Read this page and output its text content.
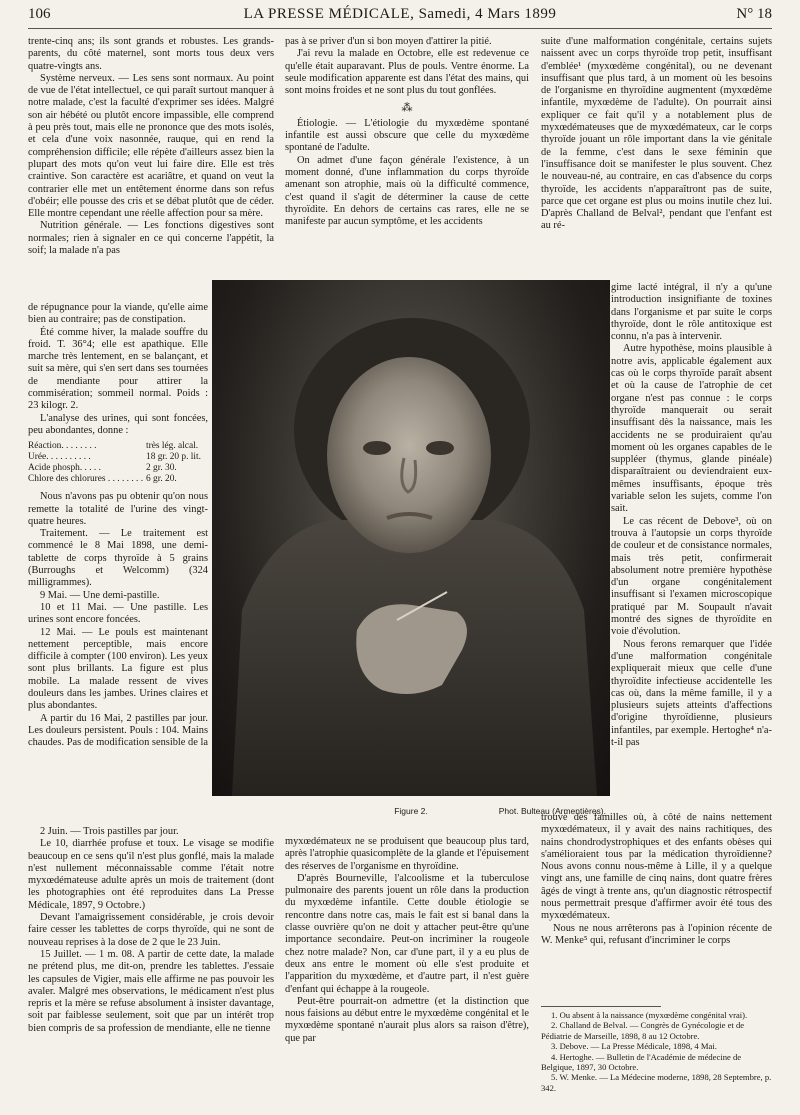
106	LA PRESSE MÉDICALE, Samedi, 4 Mars 1899	N° 18

trente-cinq ans; ils sont grands et robustes. Les grands-parents, du côté maternel, sont morts tous deux vers quatre-vingts ans.

Système nerveux. — Les sens sont normaux. Au point de vue de l'état intellectuel, ce qui paraît surtout manquer à notre malade, c'est la faculté d'exprimer ses idées. Malgré son air hébété ou plutôt encore impassible, elle comprend à peu près tout, mais elle ne prononce que des mots isolés, et cela d'une voix nasonnée, rauque, qui en rend la compréhension difficile; elle répète d'ailleurs assez bien la plupart des mots qu'on veut lui faire dire. Elle est très craintive. Son caractère est acariâtre, et quand on veut la contrarier elle met un entêtement énorme dans son refus d'obéir; elle pousse des cris et se débat plutôt que de céder. Elle montre cependant une réelle affection pour sa mère.

Nutrition générale. — Les fonctions digestives sont normales; rien à signaler en ce qui concerne l'appétit, la soif; la malade n'a pas

de répugnance pour la viande, qu'elle aime bien au contraire; pas de constipation.

Été comme hiver, la malade souffre du froid. T. 36°4; elle est apathique. Elle marche très lentement, en se balançant, et suit sa mère, qui s'en sert dans ses tournées de mendiante pour attirer la commisération; sommeil normal. Poids : 23 kilogr. 2.

L'analyse des urines, qui sont foncées, peu abondantes, donne :

Réaction. . . . . . . .	très lég. alcal.
Urée. . . . . . . . . .	18 gr. 20 p. lit.
Acide phosph. . . . .	2 gr. 30.
Chlore des chlorures . . . . . . . . 6 gr. 20.

Nous n'avons pas pu obtenir qu'on nous remette la totalité de l'urine des vingt-quatre heures.

Traitement. — Le traitement est commencé le 8 Mai 1898, une demi-tablette de corps thyroïde à 5 grains (Burroughs et Welcomm) (324 milligrammes).

9 Mai. — Une demi-pastille.

10 et 11 Mai. — Une pastille. Les urines sont encore foncées.

12 Mai. — Le pouls est maintenant nettement perceptible, mais encore difficile à compter (100 environ). Les yeux sont plus brillants. La figure est plus mobile. La malade ressent de vives douleurs dans les jambes. Urines claires et plus abondantes.

A partir du 16 Mai, 2 pastilles par jour. Les douleurs persistent. Pouls : 104. Mains chaudes. Pas de modification sensible de la

2 Juin. — Trois pastilles par jour.

Le 10, diarrhée profuse et toux. Le visage se modifie beaucoup en ce sens qu'il n'est plus gonflé, mais la malade n'est nullement méconnaissable comme l'était notre myxœdémateuse adulte après un mois de traitement (dont les photographies ont été reproduites dans La Presse Médicale, 1897, 9 Octobre.)

Devant l'amaigrissement considérable, je crois devoir faire cesser les tablettes de corps thyroïde, qui ne sont de nouveau reprises à la dose de 2 que le 23 Juin.

15 Juillet. — 1 m. 08. A partir de cette date, la malade ne prétend plus, me dit-on, prendre les tablettes. J'essaie les capsules de Vigier, mais elle affirme ne pas pouvoir les avaler. Malgré mes observations, le médicament n'est plus repris et la mère se refuse absolument à insister davantage, soit par faiblesse seulement, soit que par un intérêt trop bien compris de sa profession de mendiante, elle ne tienne

pas à se priver d'un si bon moyen d'attirer la pitié.

J'ai revu la malade en Octobre, elle est redevenue ce qu'elle était auparavant. Plus de pouls. Ventre énorme. La seule modification apparente est dans l'état des mains, qui sont moins froides et ne sont plus du tout gonflées.

⁂

Étiologie. — L'étiologie du myxœdème spontané infantile est aussi obscure que celle du myxœdème spontané de l'adulte.

On admet d'une façon générale l'existence, à un moment donné, d'une inflammation du corps thyroïde amenant son atrophie, mais où la difficulté commence, c'est quand il s'agit de déterminer la cause de cette thyroïdite. En dehors de certains cas rares, elle ne se manifeste par aucun symptôme, et les accidents

myxœdémateux ne se produisent que beaucoup plus tard, après l'atrophie quasicomplète de la glande et l'épuisement des réserves de l'organisme en thyroïdine.

D'après Bourneville, l'alcoolisme et la tuberculose pulmonaire des parents jouent un rôle dans la production du myxœdème infantile. Cette double étiologie se rencontre dans notre cas, mais le fait est si banal dans la classe ouvrière qu'on ne doit y attacher peut-être qu'une importance secondaire. Peut-on incriminer la rougeole chez notre malade? Non, car d'une part, il y a eu plus de deux ans entre le moment où elle s'est produite et l'apparition du myxœdème, et d'autre part, il n'est guère d'enfant qui échappe à la rougeole.

Peut-être pourrait-on admettre (et la distinction que nous faisions au début entre le myxœdème congénital et le myxœdème spontané n'aurait plus alors sa raison d'être), que par

suite d'une malformation congénitale, certains sujets naissent avec un corps thyroïde trop petit, insuffisant d'emblée¹ (myxœdème congénital), ou ne devenant insuffisant que plus tard, à un moment où les besoins de l'organisme en thyroïdine augmentent (myxœdème infantile, myxœdème de l'adulte). On pourrait ainsi expliquer ce fait qu'il y a notablement plus de myxœdémateuses que de myxœdémateux, car le corps thyroïde jouant un rôle important dans la vie génitale de la femme, c'est dans le sexe féminin que l'insuffisance doit se manifester le plus souvent. Chez le nouveau-né, au contraire, en cas d'absence du corps thyroïde, les accidents n'apparaîtront pas de suite, parce que cet organe est plus ou moins inutile chez lui. D'après Challand de Belval², pendant que l'enfant est au ré-

gime lacté intégral, il n'y a qu'une introduction insignifiante de toxines dans l'organisme et par suite le corps thyroïde, dont le rôle antitoxique est connu, n'a pas à intervenir.

Autre hypothèse, moins plausible à notre avis, applicable également aux cas où le corps thyroïde paraît absent et où la cause de l'atrophie de cet organe n'est pas connue : le corps thyroïde manquerait ou serait insuffisant dès la naissance, mais les accidents ne se produiraient qu'au moment où les organes capables de le suppléer (thymus, glande pinéale) disparaîtraient ou deviendraient eux-mêmes insuffisants, époque très variable selon les sujets, comme l'on sait.

Le cas récent de Debove³, où on trouva à l'autopsie un corps thyroïde de couleur et de consistance normales, mais très petit, confirmerait absolument notre première hypothèse d'un organe congénitalement insuffisant si l'examen microscopique pratiqué par M. Soupault n'avait montré des signes de thyroïdite en voie d'évolution.

Nous ferons remarquer que l'idée d'une malformation congénitale expliquerait mieux que celle d'une thyroïdite infectieuse accidentelle les cas où, dans la même famille, il y a plusieurs sujets atteints d'affections d'origine thyroïdienne, plusieurs infantiles, par exemple. Hertoghe⁴ n'a-t-il pas

trouvé des familles où, à côté de nains nettement myxœdémateux, il y avait des nains rachitiques, des nains chondrodystrophiques et des enfants obèses qui s'amélioraient tous par la médication thyroïdienne? Nous avons connu nous-même à Lille, il y a quelque vingt ans, une famille de cinq nains, dont quatre frères âgés de vingt à trente ans, qu'un diagnostic rétrospectif nous permettrait presque d'affirmer avoir été tous des myxœdémateux.

Nous ne nous arrêterons pas à l'opinion récente de W. Menke⁵ qui, refusant d'incriminer le corps

Figure 2.	Phot. Bulteau (Armentières).
1. Ou absent à la naissance (myxœdème congénital vrai).
2. Challand de Belval. — Congrès de Gynécologie et de Pédiatrie de Marseille, 1898, 8 au 12 Octobre.
3. Debove. — La Presse Médicale, 1898, 4 Mai.
4. Hertoghe. — Bulletin de l'Académie de médecine de Belgique, 1897, 30 Octobre.
5. W. Menke. — La Médecine moderne, 1898, 28 Septembre, p. 342.
